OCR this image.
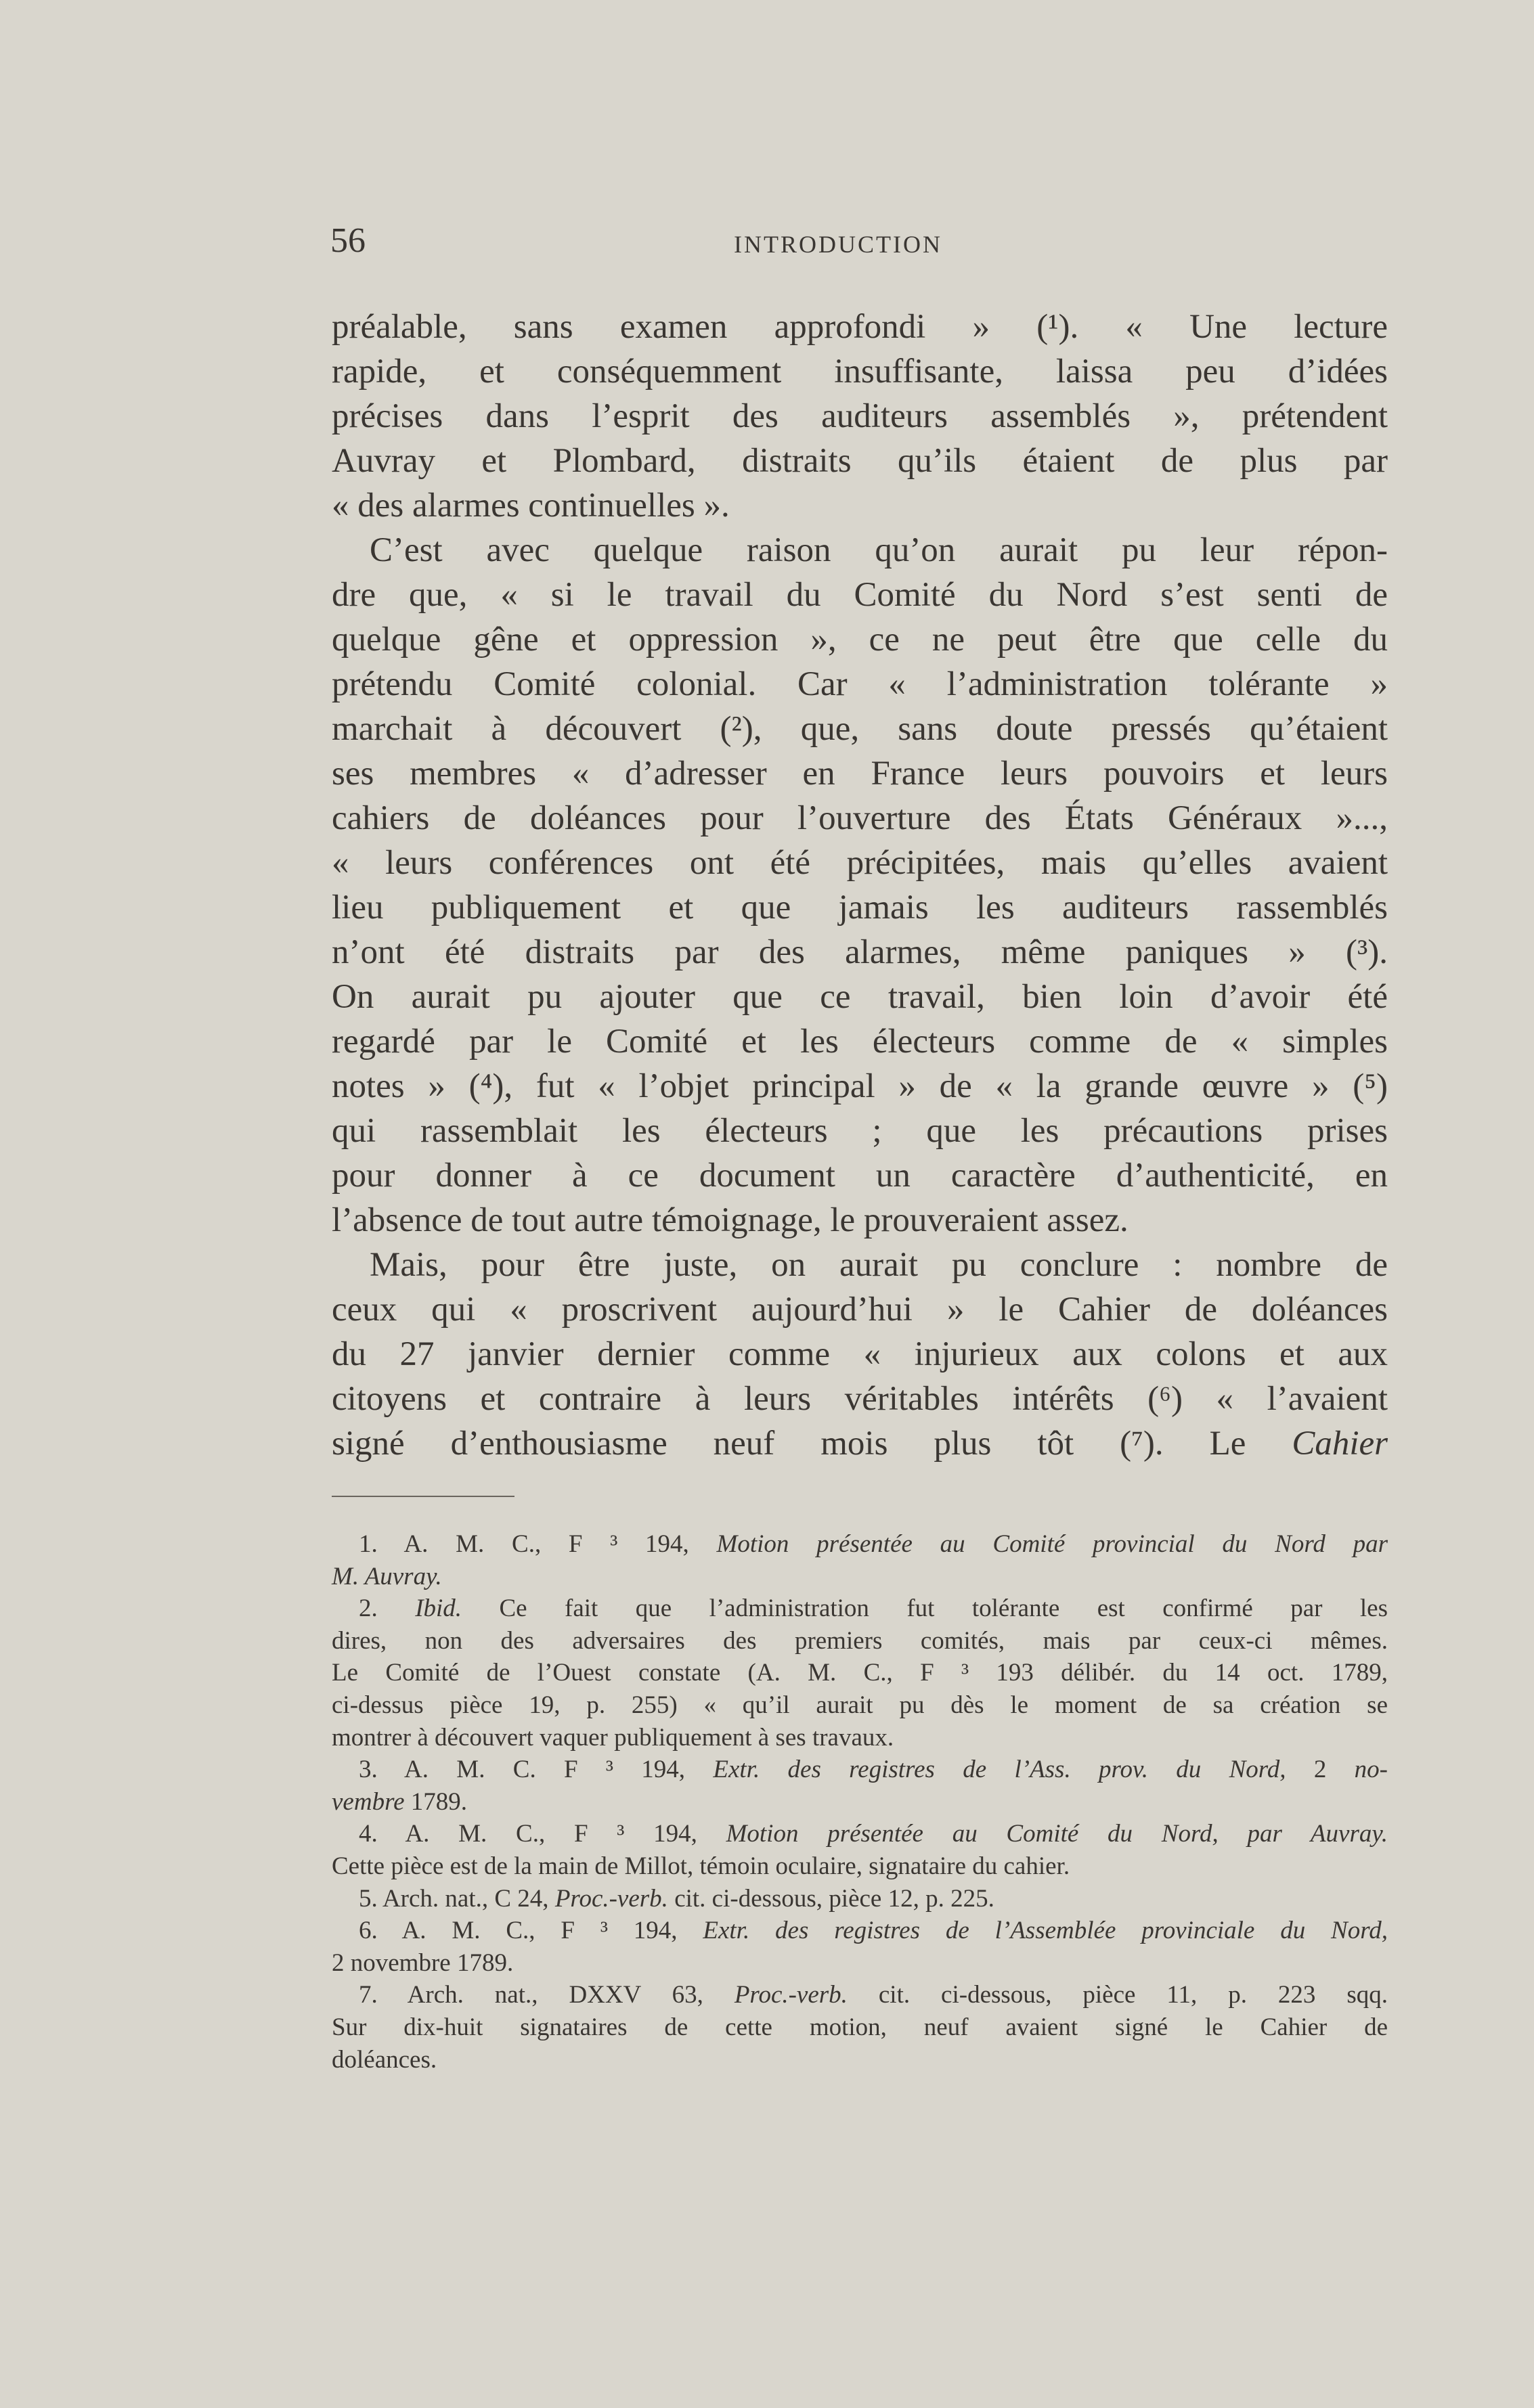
56	INTRODUCTION
préalable, sans examen approfondi » (¹). « Une lecture
rapide, et conséquemment insuffisante, laissa peu d’idées
précises dans l’esprit des auditeurs assemblés », prétendent
Auvray et Plombard, distraits qu’ils étaient de plus par
« des alarmes continuelles ».
C’est avec quelque raison qu’on aurait pu leur répon-
dre que, « si le travail du Comité du Nord s’est senti de
quelque gêne et oppression », ce ne peut être que celle du
prétendu Comité colonial. Car « l’administration tolérante »
marchait à découvert (²), que, sans doute pressés qu’étaient
ses membres « d’adresser en France leurs pouvoirs et leurs
cahiers de doléances pour l’ouverture des États Généraux »...,
« leurs conférences ont été précipitées, mais qu’elles avaient
lieu publiquement et que jamais les auditeurs rassemblés
n’ont été distraits par des alarmes, même paniques » (³).
On aurait pu ajouter que ce travail, bien loin d’avoir été
regardé par le Comité et les électeurs comme de « simples
notes » (⁴), fut « l’objet principal » de « la grande œuvre » (⁵)
qui rassemblait les électeurs ; que les précautions prises
pour donner à ce document un caractère d’authenticité, en
l’absence de tout autre témoignage, le prouveraient assez.
Mais, pour être juste, on aurait pu conclure : nombre de
ceux qui « proscrivent aujourd’hui » le Cahier de doléances
du 27 janvier dernier comme « injurieux aux colons et aux
citoyens et contraire à leurs véritables intérêts (⁶) « l’avaient
signé d’enthousiasme neuf mois plus tôt (⁷). Le Cahier
1. A. M. C., F ³ 194, Motion présentée au Comité provincial du Nord par
M. Auvray.
2. Ibid. Ce fait que l’administration fut tolérante est confirmé par les
dires, non des adversaires des premiers comités, mais par ceux-ci mêmes.
Le Comité de l’Ouest constate (A. M. C., F ³ 193 délibér. du 14 oct. 1789,
ci-dessus pièce 19, p. 255) « qu’il aurait pu dès le moment de sa création se
montrer à découvert vaquer publiquement à ses travaux.
3. A. M. C. F ³ 194, Extr. des registres de l’Ass. prov. du Nord, 2 no-
vembre 1789.
4. A. M. C., F ³ 194, Motion présentée au Comité du Nord, par Auvray.
Cette pièce est de la main de Millot, témoin oculaire, signataire du cahier.
5. Arch. nat., C 24, Proc.-verb. cit. ci-dessous, pièce 12, p. 225.
6. A. M. C., F ³ 194, Extr. des registres de l’Assemblée provinciale du Nord,
2 novembre 1789.
7. Arch. nat., DXXV 63, Proc.-verb. cit. ci-dessous, pièce 11, p. 223 sqq.
Sur dix-huit signataires de cette motion, neuf avaient signé le Cahier de
doléances.
